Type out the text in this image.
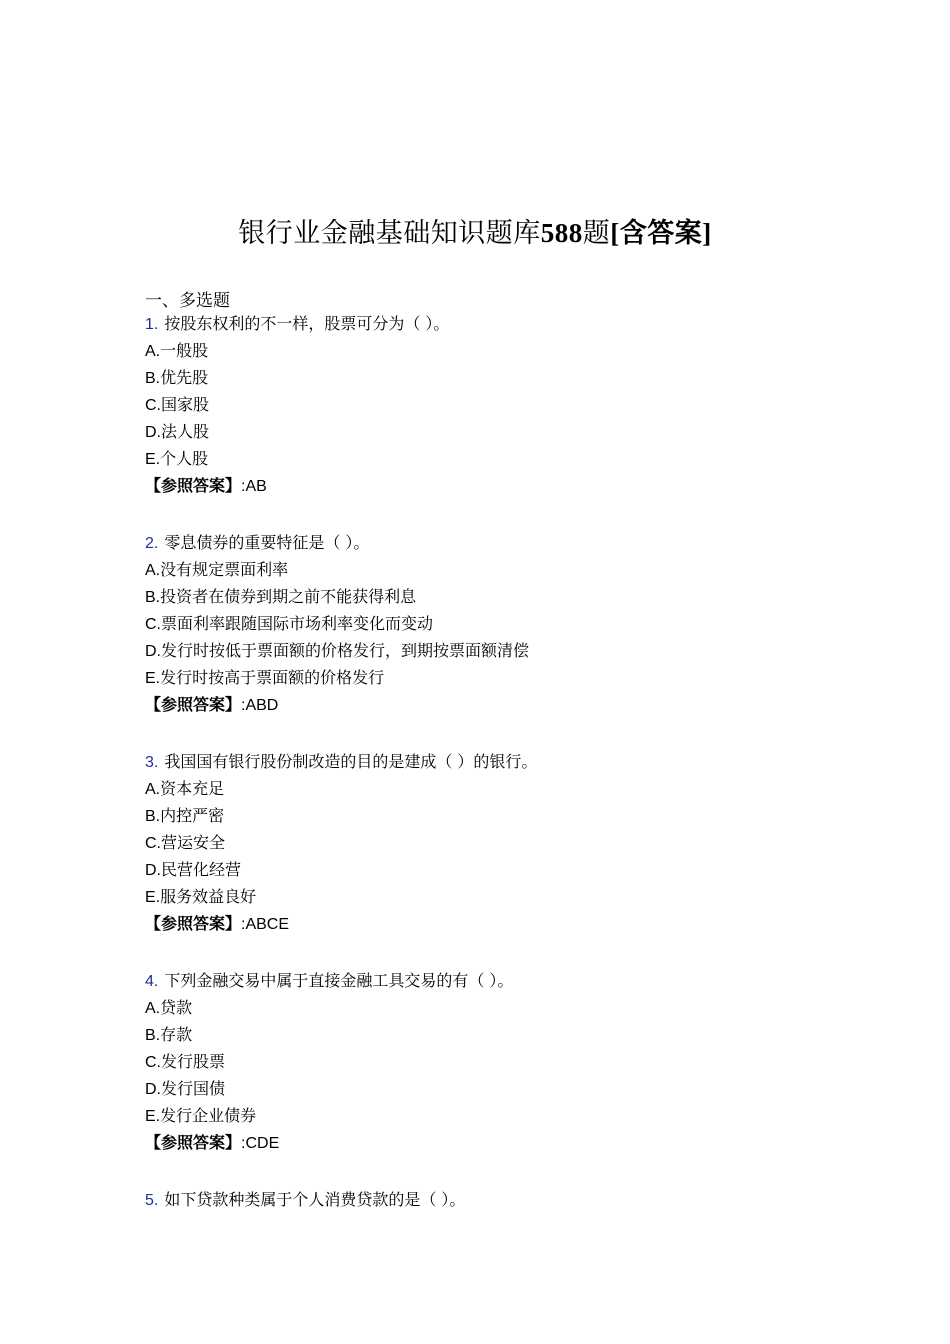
银行业金融基础知识题库588题[含答案]
一、多选题
1. 按股东权利的不一样，股票可分为（ ）。
A.一般股
B.优先股
C.国家股
D.法人股
E.个人股
【参照答案】:AB
2. 零息债券的重要特征是（ ）。
A.没有规定票面利率
B.投资者在债券到期之前不能获得利息
C.票面利率跟随国际市场利率变化而变动
D.发行时按低于票面额的价格发行，到期按票面额清偿
E.发行时按高于票面额的价格发行
【参照答案】:ABD
3. 我国国有银行股份制改造的目的是建成（ ）的银行。
A.资本充足
B.内控严密
C.营运安全
D.民营化经营
E.服务效益良好
【参照答案】:ABCE
4. 下列金融交易中属于直接金融工具交易的有（ ）。
A.贷款
B.存款
C.发行股票
D.发行国债
E.发行企业债券
【参照答案】:CDE
5. 如下贷款种类属于个人消费贷款的是（ ）。
